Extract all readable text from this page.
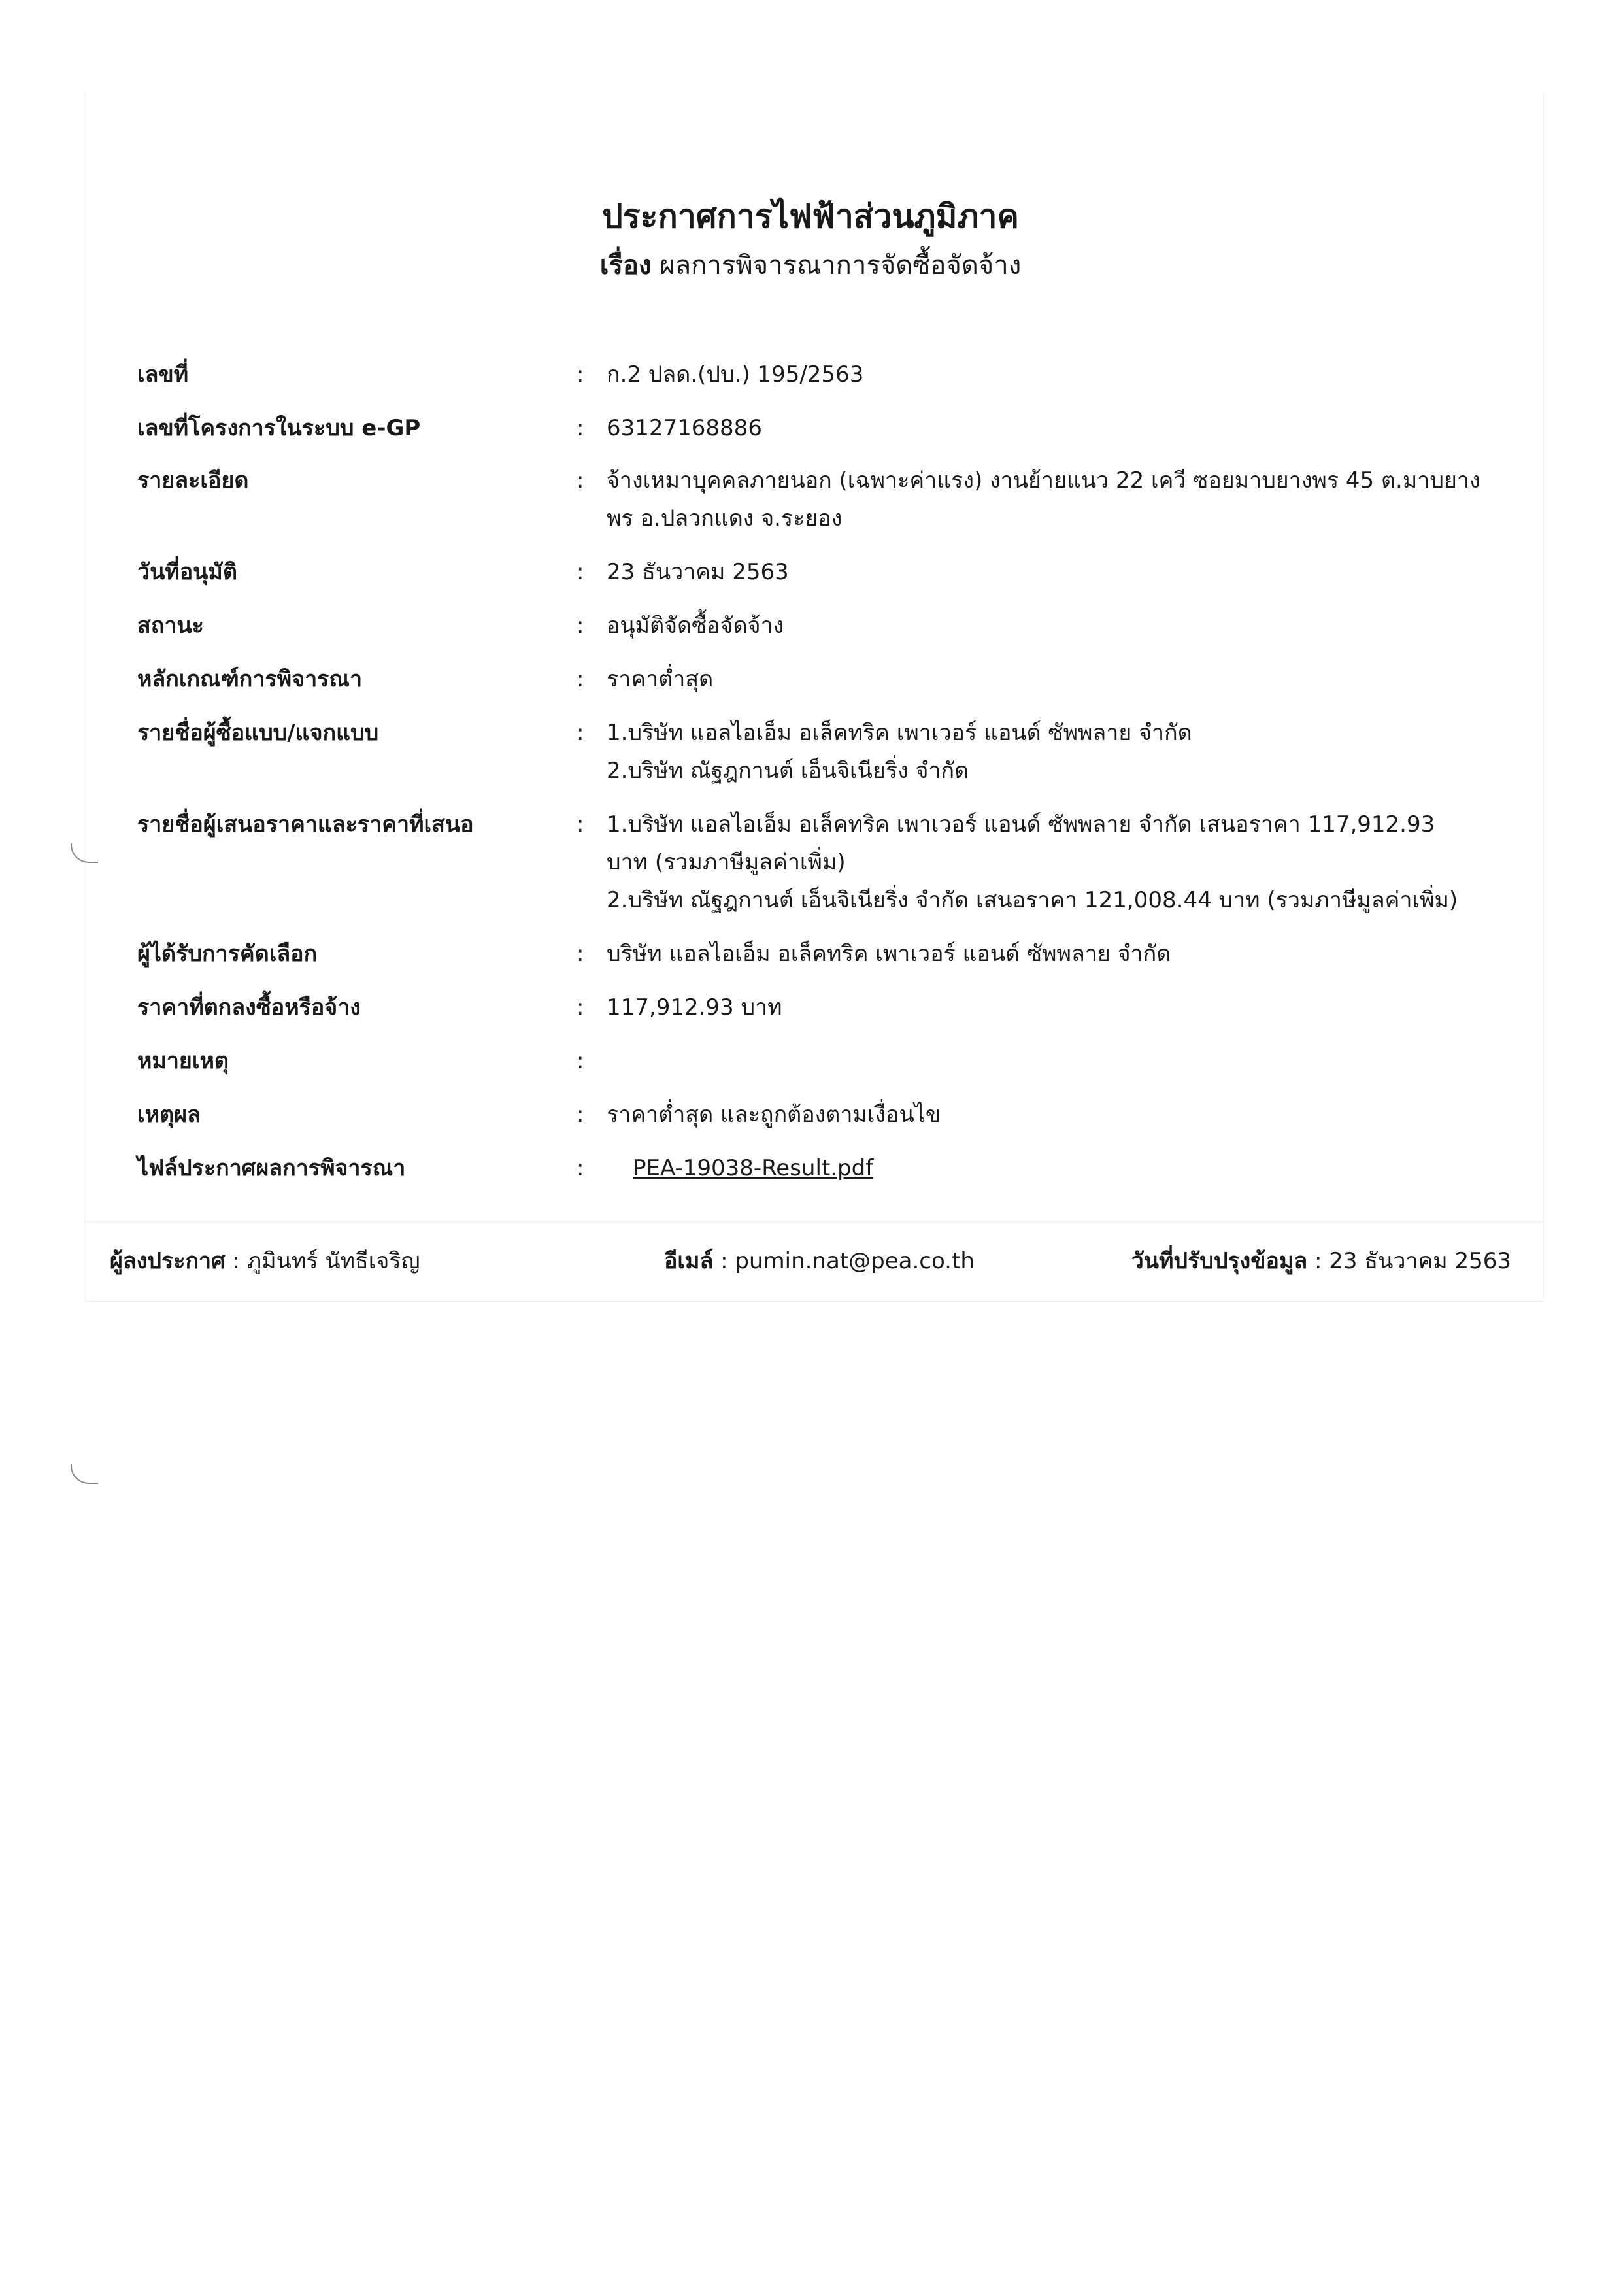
ประกาศการไฟฟ้าส่วนภูมิภาค
เรื่อง ผลการพิจารณาการจัดซื้อจัดจ้าง
เลขที่	: ก.2 ปลด.(ปบ.) 195/2563
เลขที่โครงการในระบบ e-GP	: 63127168886
รายละเอียด	: จ้างเหมาบุคคลภายนอก (เฉพาะค่าแรง) งานย้ายแนว 22 เควี ซอยมาบยางพร 45 ต.มาบยาง
พร อ.ปลวกแดง จ.ระยอง
วันที่อนุมัติ	: 23 ธันวาคม 2563
สถานะ	: อนุมัติจัดซื้อจัดจ้าง
หลักเกณฑ์การพิจารณา	: ราคาต่ำสุด
รายชื่อผู้ซื้อแบบ/แจกแบบ	: 1.บริษัท แอลไอเอ็ม อเล็คทริค เพาเวอร์ แอนด์ ซัพพลาย จำกัด
2.บริษัท ณัฐฎกานต์ เอ็นจิเนียริ่ง จำกัด
รายชื่อผู้เสนอราคาและราคาที่เสนอ	: 1.บริษัท แอลไอเอ็ม อเล็คทริค เพาเวอร์ แอนด์ ซัพพลาย จำกัด เสนอราคา 117,912.93
บาท (รวมภาษีมูลค่าเพิ่ม)
2.บริษัท ณัฐฎกานต์ เอ็นจิเนียริ่ง จำกัด เสนอราคา 121,008.44 บาท (รวมภาษีมูลค่าเพิ่ม)
ผู้ได้รับการคัดเลือก	: บริษัท แอลไอเอ็ม อเล็คทริค เพาเวอร์ แอนด์ ซัพพลาย จำกัด
ราคาที่ตกลงซื้อหรือจ้าง	: 117,912.93 บาท
หมายเหตุ	:
เหตุผล	: ราคาต่ำสุด และถูกต้องตามเงื่อนไข
ไฟล์ประกาศผลการพิจารณา	:	PEA-19038-Result.pdf
ผู้ลงประกาศ : ภูมินทร์ นัทธีเจริญ	อีเมล์ : pumin.nat@pea.co.th	วันที่ปรับปรุงข้อมูล : 23 ธันวาคม 2563
